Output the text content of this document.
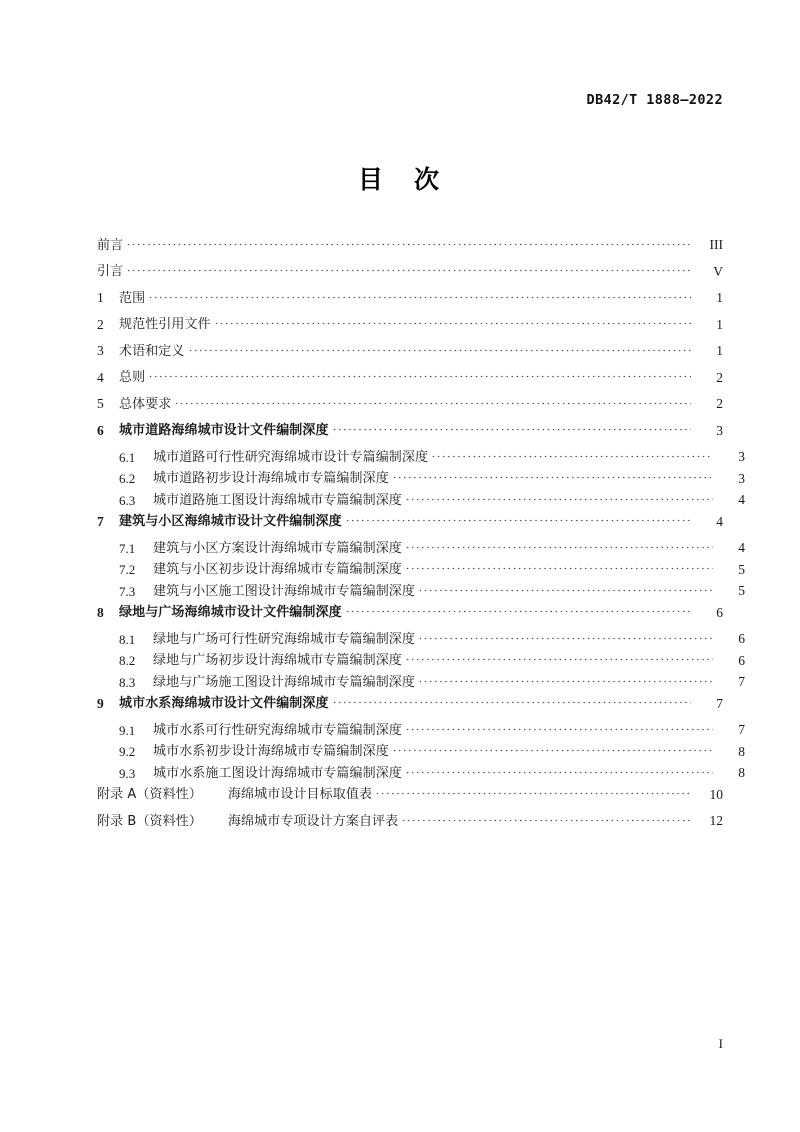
DB42/T 1888—2022
目　次
前言	III
引言	V
1	范围	1
2	规范性引用文件	1
3	术语和定义	1
4	总则	2
5	总体要求	2
6	城市道路海绵城市设计文件编制深度	3
6.1	城市道路可行性研究海绵城市设计专篇编制深度	3
6.2	城市道路初步设计海绵城市专篇编制深度	3
6.3	城市道路施工图设计海绵城市专篇编制深度	4
7	建筑与小区海绵城市设计文件编制深度	4
7.1	建筑与小区方案设计海绵城市专篇编制深度	4
7.2	建筑与小区初步设计海绵城市专篇编制深度	5
7.3	建筑与小区施工图设计海绵城市专篇编制深度	5
8	绿地与广场海绵城市设计文件编制深度	6
8.1	绿地与广场可行性研究海绵城市专篇编制深度	6
8.2	绿地与广场初步设计海绵城市专篇编制深度	6
8.3	绿地与广场施工图设计海绵城市专篇编制深度	7
9	城市水系海绵城市设计文件编制深度	7
9.1	城市水系可行性研究海绵城市专篇编制深度	7
9.2	城市水系初步设计海绵城市专篇编制深度	8
9.3	城市水系施工图设计海绵城市专篇编制深度	8
附录 A（资料性） 海绵城市设计目标取值表	10
附录 B（资料性） 海绵城市专项设计方案自评表	12
I
